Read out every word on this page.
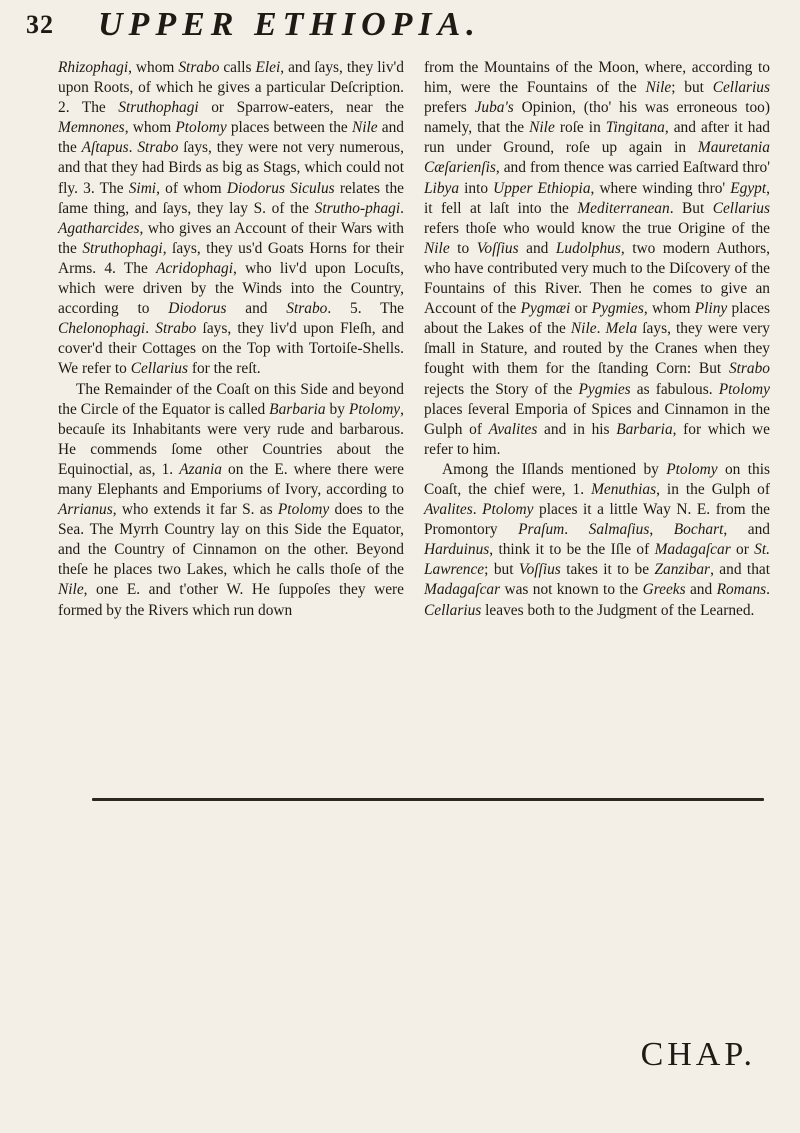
32 UPPER ETHIOPIA.

Rhizophagi, whom Strabo calls Elei, and ſays, they liv'd upon Roots, of which he gives a particular Deſcription. 2. The Struthophagi or Sparrow-eaters, near the Memnones, whom Ptolomy places between the Nile and the Aſtapus. Strabo ſays, they were not very numerous, and that they had Birds as big as Stags, which could not fly. 3. The Simi, of whom Diodorus Siculus relates the ſame thing, and ſays, they lay S. of the Strutho-phagi. Agatharcides, who gives an Account of their Wars with the Struthophagi, ſays, they us'd Goats Horns for their Arms. 4. The Acridophagi, who liv'd upon Locuſts, which were driven by the Winds into the Country, according to Diodorus and Strabo. 5. The Chelonophagi. Strabo ſays, they liv'd upon Fleſh, and cover'd their Cottages on the Top with Tortoiſe-Shells. We refer to Cellarius for the reſt.

The Remainder of the Coaſt on this Side and beyond the Circle of the Equator is called Barbaria by Ptolomy, becauſe its Inhabitants were very rude and barbarous. He commends ſome other Countries about the Equinoctial, as, 1. Azania on the E. where there were many Elephants and Emporiums of Ivory, according to Arrianus, who extends it far S. as Ptolomy does to the Sea. The Myrrh Country lay on this Side the Equator, and the Country of Cinnamon on the other. Beyond theſe he places two Lakes, which he calls thoſe of the Nile, one E. and t'other W. He ſuppoſes they were formed by the Rivers which run down

from the Mountains of the Moon, where, according to him, were the Fountains of the Nile; but Cellarius prefers Juba's Opinion, (tho' his was erroneous too) namely, that the Nile roſe in Tingitana, and after it had run under Ground, roſe up again in Mauretania Cæſarienſis, and from thence was carried Eaſtward thro' Libya into Upper Ethiopia, where winding thro' Egypt, it fell at laſt into the Mediterranean. But Cellarius refers thoſe who would know the true Origine of the Nile to Voſſius and Ludolphus, two modern Authors, who have contributed very much to the Diſcovery of the Fountains of this River. Then he comes to give an Account of the Pygmæi or Pygmies, whom Pliny places about the Lakes of the Nile. Mela ſays, they were very ſmall in Stature, and routed by the Cranes when they fought with them for the ſtanding Corn: But Strabo rejects the Story of the Pygmies as fabulous. Ptolomy places ſeveral Emporia of Spices and Cinnamon in the Gulph of Avalites and in his Barbaria, for which we refer to him.

Among the Iſlands mentioned by Ptolomy on this Coaſt, the chief were, 1. Menuthias, in the Gulph of Avalites. Ptolomy places it a little Way N. E. from the Promontory Praſum. Salmaſius, Bochart, and Harduinus, think it to be the Iſle of Madagaſcar or St. Lawrence; but Voſſius takes it to be Zanzibar, and that Madagaſcar was not known to the Greeks and Romans. Cellarius leaves both to the Judgment of the Learned.

CHAP.
